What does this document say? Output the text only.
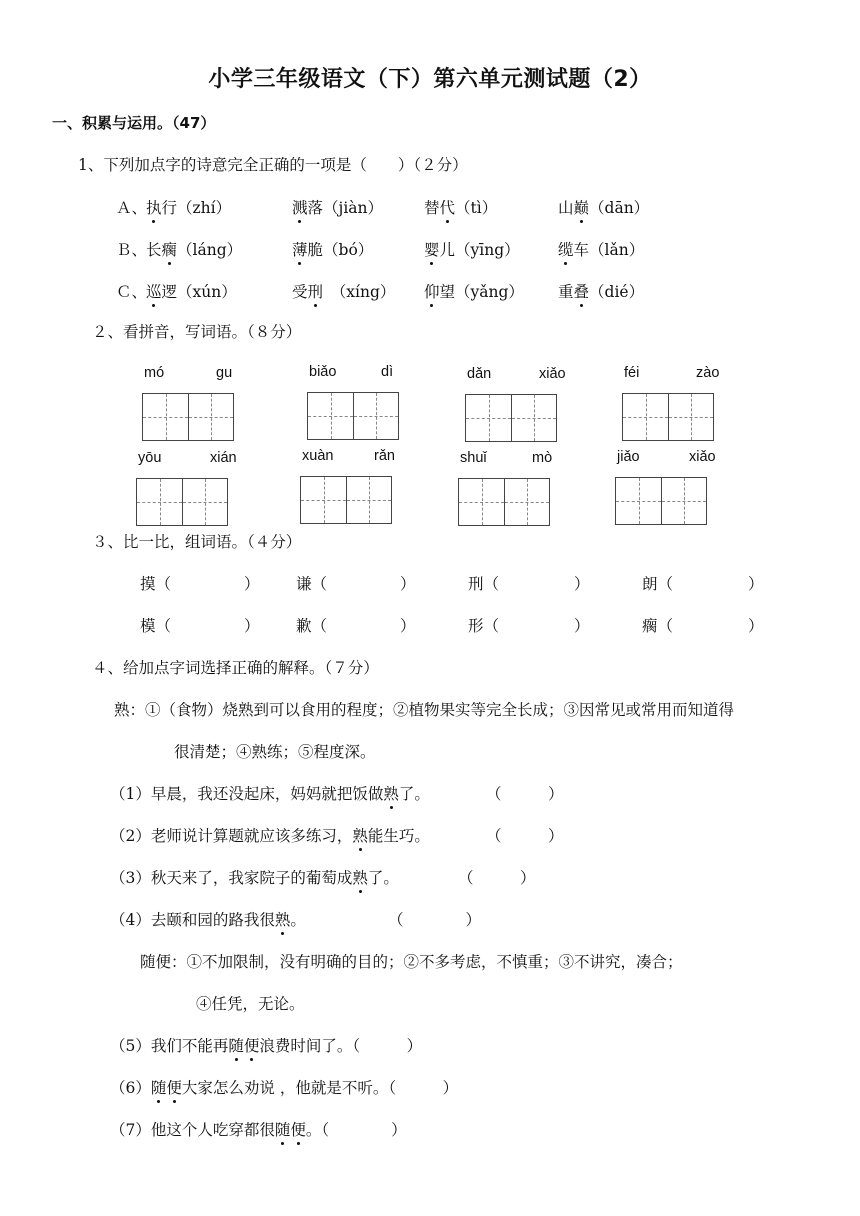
小学三年级语文（下）第六单元测试题（2）
一、积累与运用。（47）
1、下列加点字的诗意完全正确的一项是（　　）（２分）
Ａ、
执行（zhí）	溅落（jiàn）	替代（tì）	山巅（dān）
Ｂ、
长瘸（láng）	薄脆（bó）	婴儿（yīng） 缆车（lǎn）
Ｃ、
巡逻（xún）	受刑　（xíng） 仰望（yǎng） 重叠（dié）
２、看拼音，写词语。（８分）
mó	gu	biǎo	dì	dǎn	xiǎo	féi	zào
yōu	xián	xuàn	rǎn	shuǐ	mò	jiǎo	xiǎo
３、比一比，组词语。（４分）
摸（	） 谦（	）	刑（	）	朗（	）
模（	） 歉（	）	形（	）	瘸（	）
４、给加点字词选择正确的解释。（７分）
熟：①（食物）烧熟到可以食用的程度；②植物果实等完全长成；③因常见或常用而知道得
很清楚；④熟练；⑤程度深。
（1）早晨，我还没起床，妈妈就把饭做熟了。	（　　　）
（2）老师说计算题就应该多练习，熟能生巧。	（　　　）
（3）秋天来了，我家院子的葡萄成熟了。	（　　　）
（4）去颐和园的路我很熟。	（　　　　）
随便：①不加限制，没有明确的目的；②不多考虑，不慎重；③不讲究，凑合；
④任凭，无论。
（5）我们不能再随便浪费时间了。（　　　）
（6）随便大家怎么劝说 ，他就是不听。（　　　）
（7）他这个人吃穿都很随便。（　　　　）
